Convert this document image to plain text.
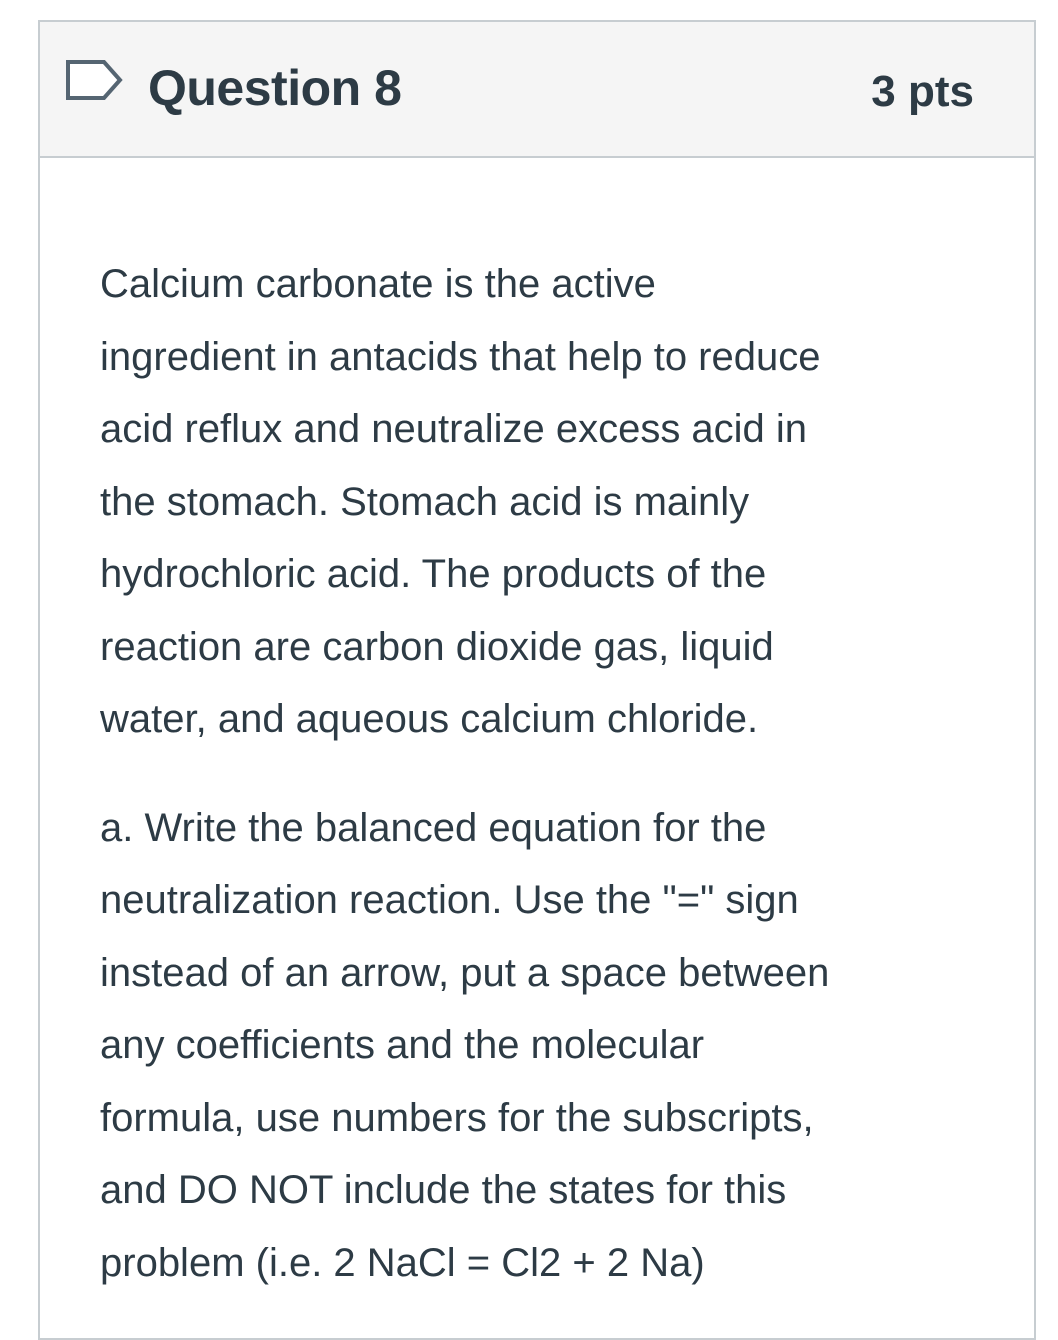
Question 8	3 pts

Calcium carbonate is the active
ingredient in antacids that help to reduce
acid reflux and neutralize excess acid in
the stomach. Stomach acid is mainly
hydrochloric acid. The products of the
reaction are carbon dioxide gas, liquid
water, and aqueous calcium chloride.

a. Write the balanced equation for the
neutralization reaction. Use the "=" sign
instead of an arrow, put a space between
any coefficients and the molecular
formula, use numbers for the subscripts,
and DO NOT include the states for this
problem (i.e. 2 NaCl = Cl2 + 2 Na)
